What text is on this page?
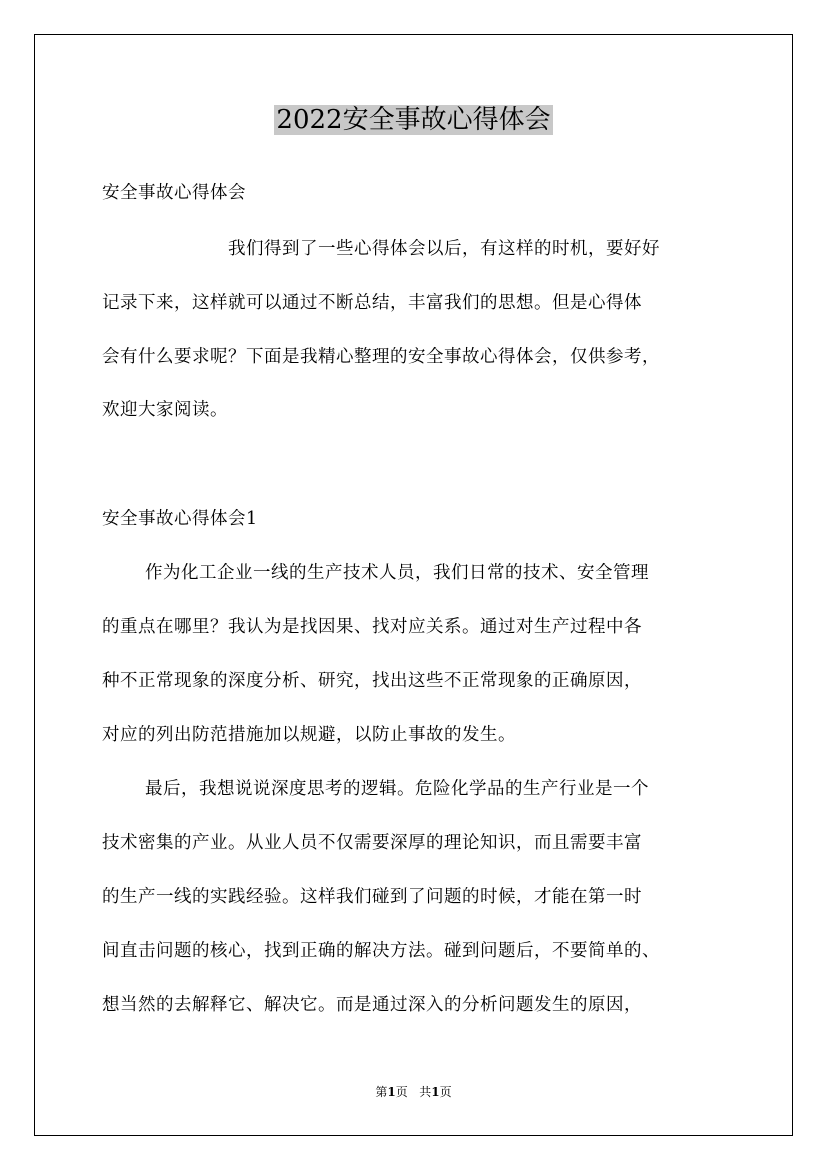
2022安全事故心得体会
安全事故心得体会
我们得到了一些心得体会以后，有这样的时机，要好好
记录下来，这样就可以通过不断总结，丰富我们的思想。但是心得体
会有什么要求呢？下面是我精心整理的安全事故心得体会，仅供参考，
欢迎大家阅读。
安全事故心得体会1
作为化工企业一线的生产技术人员，我们日常的技术、安全管理
的重点在哪里？我认为是找因果、找对应关系。通过对生产过程中各
种不正常现象的深度分析、研究，找出这些不正常现象的正确原因，
对应的列出防范措施加以规避，以防止事故的发生。
最后，我想说说深度思考的逻辑。危险化学品的生产行业是一个
技术密集的产业。从业人员不仅需要深厚的理论知识，而且需要丰富
的生产一线的实践经验。这样我们碰到了问题的时候，才能在第一时
间直击问题的核心，找到正确的解决方法。碰到问题后，不要简单的、
想当然的去解释它、解决它。而是通过深入的分析问题发生的原因，
第1页 共1页
